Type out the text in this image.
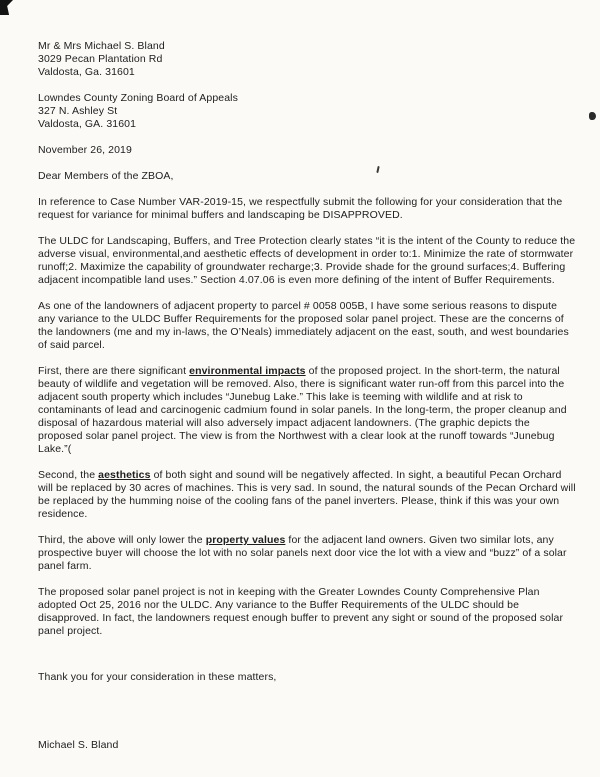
Mr & Mrs Michael S. Bland
3029 Pecan Plantation Rd
Valdosta, Ga. 31601
Lowndes County Zoning Board of Appeals
327 N. Ashley St
Valdosta, GA. 31601
November 26, 2019
Dear Members of the ZBOA,

In reference to Case Number VAR-2019-15, we respectfully submit the following for your consideration that the request for variance for minimal buffers and landscaping be DISAPPROVED.

The ULDC for Landscaping, Buffers, and Tree Protection clearly states “it is the intent of the County to reduce the adverse visual, environmental,and aesthetic effects of development in order to:1. Minimize the rate of stormwater runoff;2. Maximize the capability of groundwater recharge;3. Provide shade for the ground surfaces;4. Buffering adjacent incompatible land uses.” Section 4.07.06 is even more defining of the intent of Buffer Requirements.

As one of the landowners of adjacent property to parcel # 0058 005B, I have some serious reasons to dispute any variance to the ULDC Buffer Requirements for the proposed solar panel project. These are the concerns of the landowners (me and my in-laws, the O’Neals) immediately adjacent on the east, south, and west boundaries of said parcel.

First, there are there significant environmental impacts of the proposed project. In the short-term, the natural beauty of wildlife and vegetation will be removed. Also, there is significant water run-off from this parcel into the adjacent south property which includes “Junebug Lake.” This lake is teeming with wildlife and at risk to contaminants of lead and carcinogenic cadmium found in solar panels. In the long-term, the proper cleanup and disposal of hazardous material will also adversely impact adjacent landowners. (The graphic depicts the proposed solar panel project. The view is from the Northwest with a clear look at the runoff towards “Junebug Lake.”(

Second, the aesthetics of both sight and sound will be negatively affected. In sight, a beautiful Pecan Orchard will be replaced by 30 acres of machines. This is very sad. In sound, the natural sounds of the Pecan Orchard will be replaced by the humming noise of the cooling fans of the panel inverters. Please, think if this was your own residence.

Third, the above will only lower the property values for the adjacent land owners. Given two similar lots, any prospective buyer will choose the lot with no solar panels next door vice the lot with a view and “buzz” of a solar panel farm.

The proposed solar panel project is not in keeping with the Greater Lowndes County Comprehensive Plan adopted Oct 25, 2016 nor the ULDC. Any variance to the Buffer Requirements of the ULDC should be disapproved. In fact, the landowners request enough buffer to prevent any sight or sound of the proposed solar panel project.

Thank you for your consideration in these matters,
Michael S. Bland
